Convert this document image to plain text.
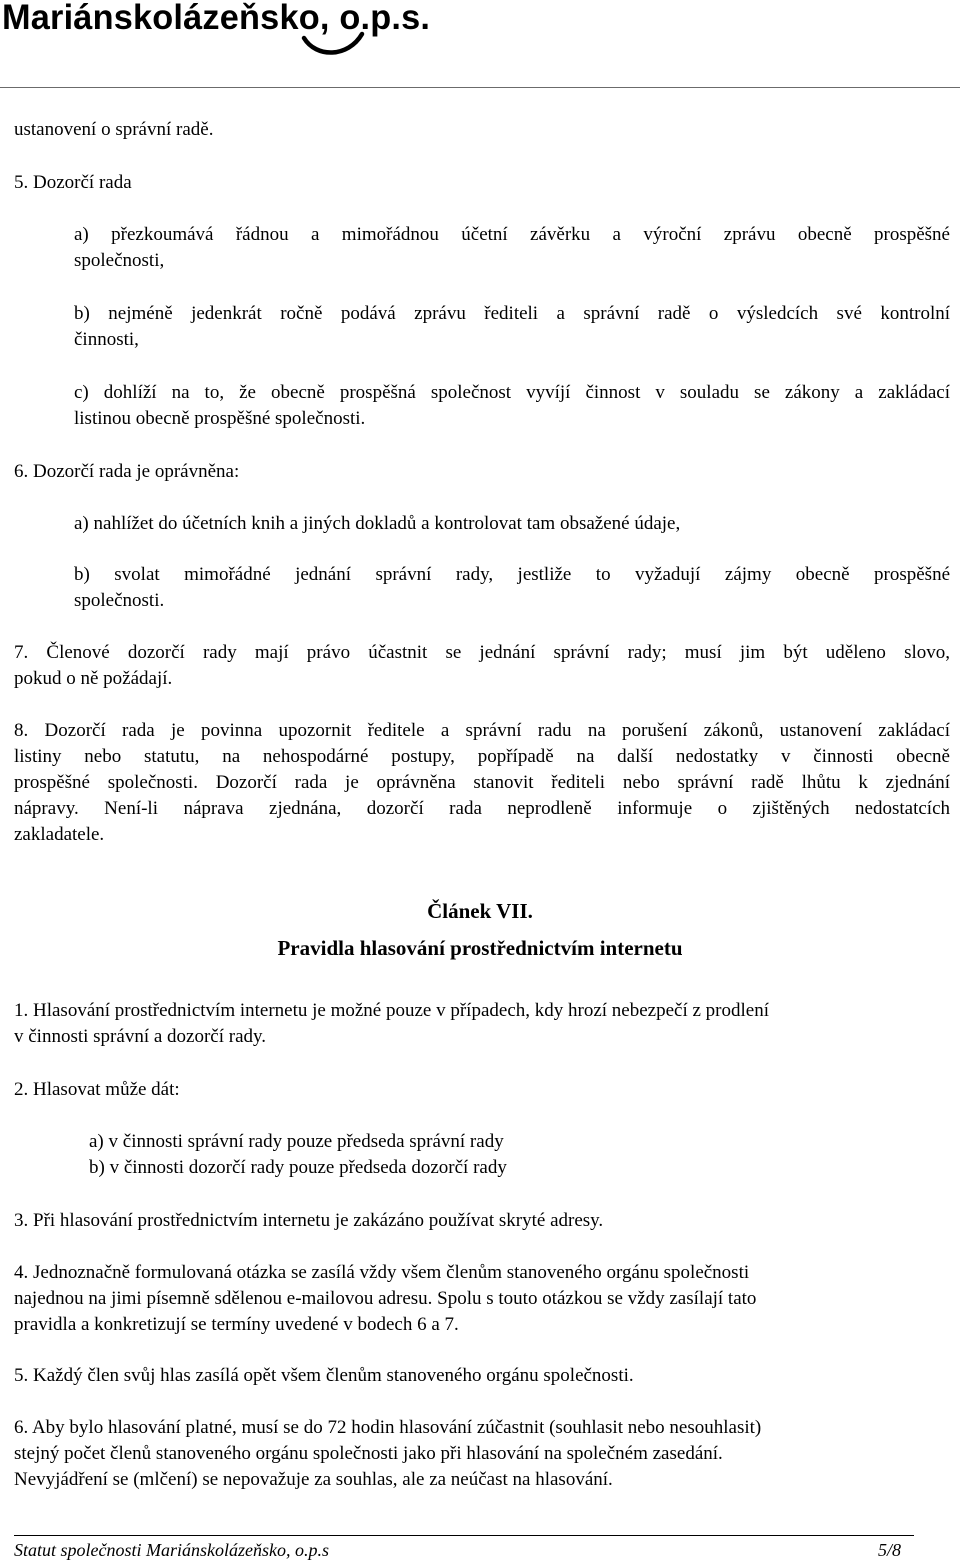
Mariánskolázeňsko, o.p.s.
ustanovení o správní radě.
5. Dozorčí rada
a) přezkoumává řádnou a mimořádnou účetní závěrku a výroční zprávu obecně prospěšné
společnosti,
b) nejméně jedenkrát ročně podává zprávu řediteli a správní radě o výsledcích své kontrolní
činnosti,
c) dohlíží na to, že obecně prospěšná společnost vyvíjí činnost v souladu se zákony a zakládací
listinou obecně prospěšné společnosti.
6. Dozorčí rada je oprávněna:
a) nahlížet do účetních knih a jiných dokladů a kontrolovat tam obsažené údaje,
b) svolat mimořádné jednání správní rady, jestliže to vyžadují zájmy obecně prospěšné
společnosti.
7. Členové dozorčí rady mají právo účastnit se jednání správní rady; musí jim být uděleno slovo,
pokud o ně požádají.
8. Dozorčí rada je povinna upozornit ředitele a správní radu na porušení zákonů, ustanovení zakládací
listiny nebo statutu, na nehospodárné postupy, popřípadě na další nedostatky v činnosti obecně
prospěšné společnosti. Dozorčí rada je oprávněna stanovit řediteli nebo správní radě lhůtu k zjednání
nápravy. Není-li náprava zjednána, dozorčí rada neprodleně informuje o zjištěných nedostatcích
zakladatele.
Článek VII.
Pravidla hlasování prostřednictvím internetu
1. Hlasování prostřednictvím internetu je možné pouze v případech, kdy hrozí nebezpečí z prodlení
v činnosti správní a dozorčí rady.
2. Hlasovat může dát:
a) v činnosti správní rady pouze předseda správní rady
b) v činnosti dozorčí rady pouze předseda dozorčí rady
3. Při hlasování prostřednictvím internetu je zakázáno používat skryté adresy.
4. Jednoznačně formulovaná otázka se zasílá vždy všem členům stanoveného orgánu společnosti
najednou na jimi písemně sdělenou e-mailovou adresu. Spolu s touto otázkou se vždy zasílají tato
pravidla a konkretizují se termíny uvedené v bodech 6 a 7.
5. Každý člen svůj hlas zasílá opět všem členům stanoveného orgánu společnosti.
6. Aby bylo hlasování platné, musí se do 72 hodin hlasování zúčastnit (souhlasit nebo nesouhlasit)
stejný počet členů stanoveného orgánu společnosti jako při hlasování na společném zasedání.
Nevyjádření se (mlčení) se nepovažuje za souhlas, ale za neúčast na hlasování.
Statut společnosti Mariánskolázeňsko, o.p.s	5/8
